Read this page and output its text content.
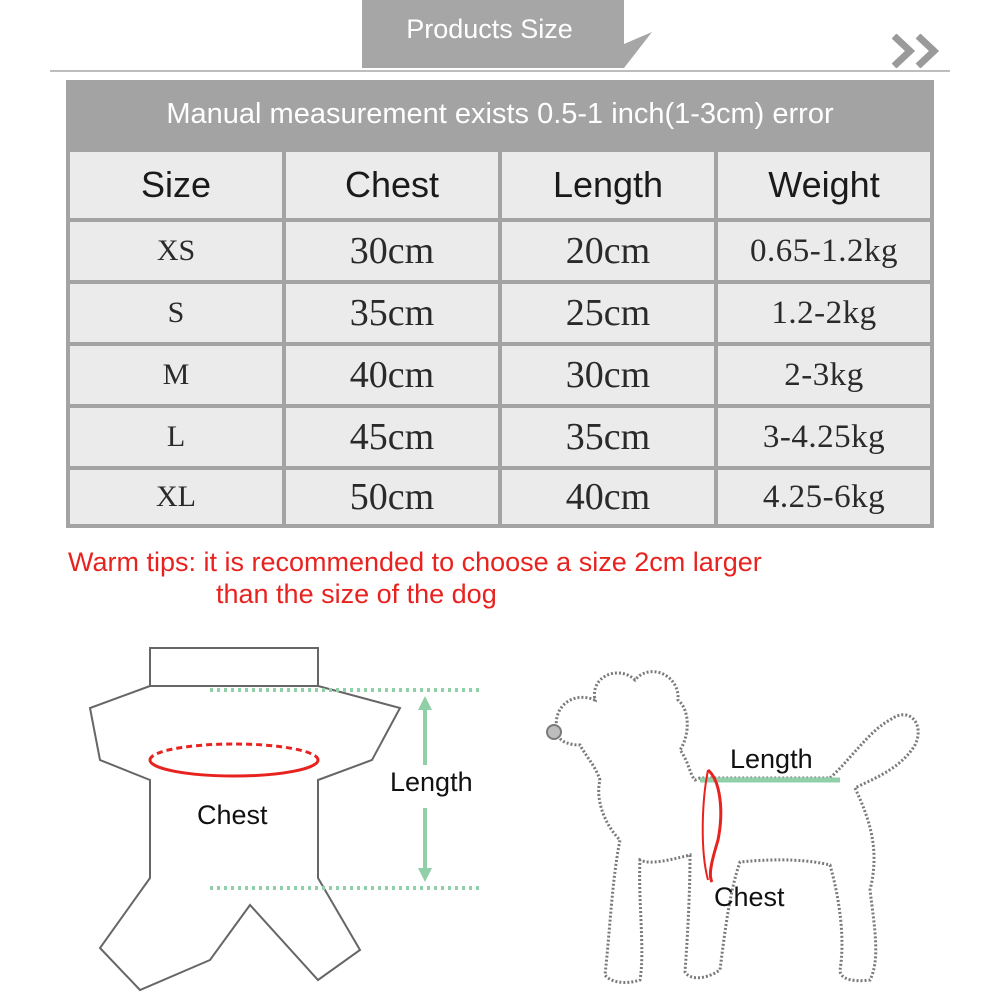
Products Size
Manual measurement exists 0.5-1 inch(1-3cm) error
Size	Chest	Length	Weight
XS	30cm	20cm	0.65-1.2kg
S	35cm	25cm	1.2-2kg
M	40cm	30cm	2-3kg
L	45cm	35cm	3-4.25kg
XL	50cm	40cm	4.25-6kg
Warm tips: it is recommended to choose a size 2cm larger
than the size of the dog
Chest
Length
Length
Chest
